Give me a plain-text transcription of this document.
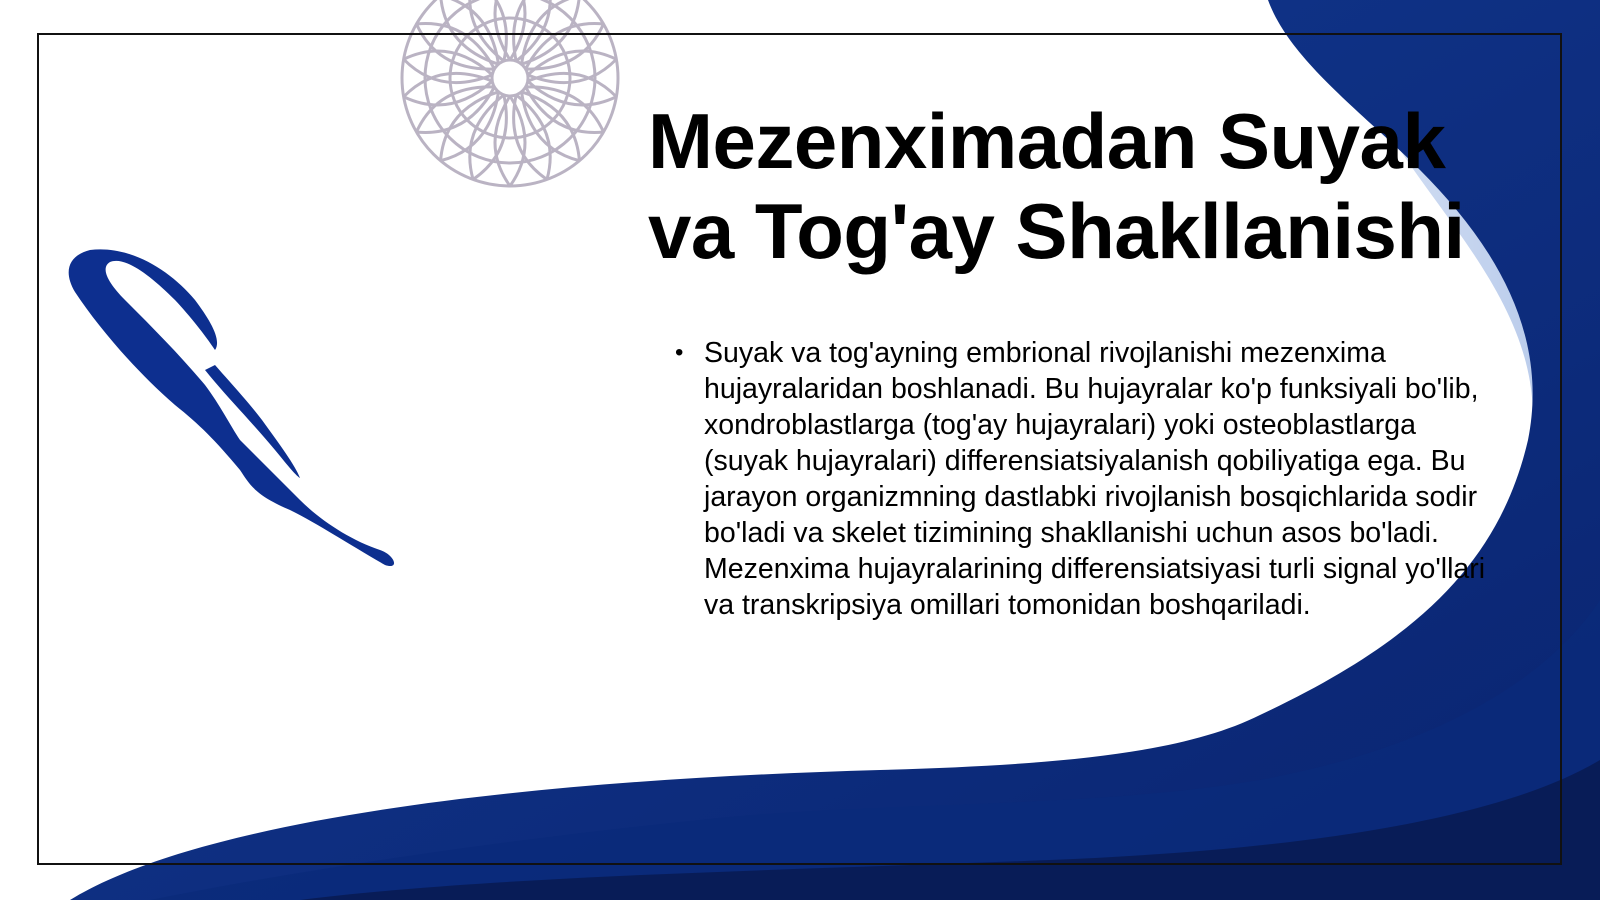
Mezenximadan Suyak va Tog'ay Shakllanishi
• Suyak va tog'ayning embrional rivojlanishi mezenxima hujayralaridan boshlanadi. Bu hujayralar ko'p funksiyali bo'lib, xondroblastlarga (tog'ay hujayralari) yoki osteoblastlarga (suyak hujayralari) differensiatsiyalanish qobiliyatiga ega. Bu jarayon organizmning dastlabki rivojlanish bosqichlarida sodir bo'ladi va skelet tizimining shakllanishi uchun asos bo'ladi. Mezenxima hujayralarining differensiatsiyasi turli signal yo'llari va transkripsiya omillari tomonidan boshqariladi.
